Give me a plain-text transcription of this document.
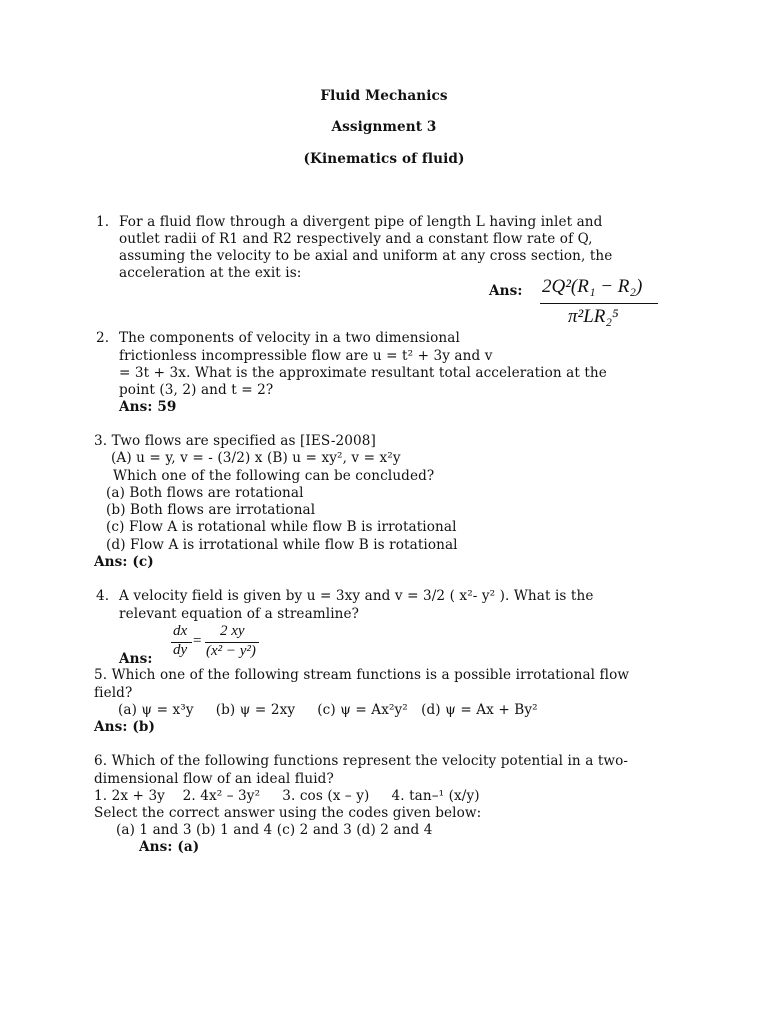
Fluid Mechanics
Assignment 3
(Kinematics of fluid)
1. For a fluid flow through a divergent pipe of length L having inlet and
outlet radii of R1 and R2 respectively and a constant flow rate of Q,
assuming the velocity to be axial and uniform at any cross section, the
acceleration at the exit is:
Ans: 2Q²(R₁ − R₂)
π²LR₂⁵
2. The components of velocity in a two dimensional
frictionless incompressible flow are u = t² + 3y and v
= 3t + 3x. What is the approximate resultant total acceleration at the
point (3, 2) and t = 2?
Ans: 59
3. Two flows are specified as [IES-2008]
(A) u = y, v = - (3/2) x (B) u = xy², v = x²y
Which one of the following can be concluded?
(a) Both flows are rotational
(b) Both flows are irrotational
(c) Flow A is rotational while flow B is irrotational
(d) Flow A is irrotational while flow B is rotational
Ans: (c)
4. A velocity field is given by u = 3xy and v = 3/2 ( x²- y² ). What is the
relevant equation of a streamline?
dx
dy
=
2 xy
(x² − y²)
Ans:
5. Which one of the following stream functions is a possible irrotational flow
field?
(a) ψ = x³y     (b) ψ = 2xy     (c) ψ = Ax²y²   (d) ψ = Ax + By²
Ans: (b)
6. Which of the following functions represent the velocity potential in a two-
dimensional flow of an ideal fluid?
1. 2x + 3y    2. 4x² – 3y²     3. cos (x – y)     4. tan–¹ (x/y)
Select the correct answer using the codes given below:
(a) 1 and 3 (b) 1 and 4 (c) 2 and 3 (d) 2 and 4
Ans: (a)
